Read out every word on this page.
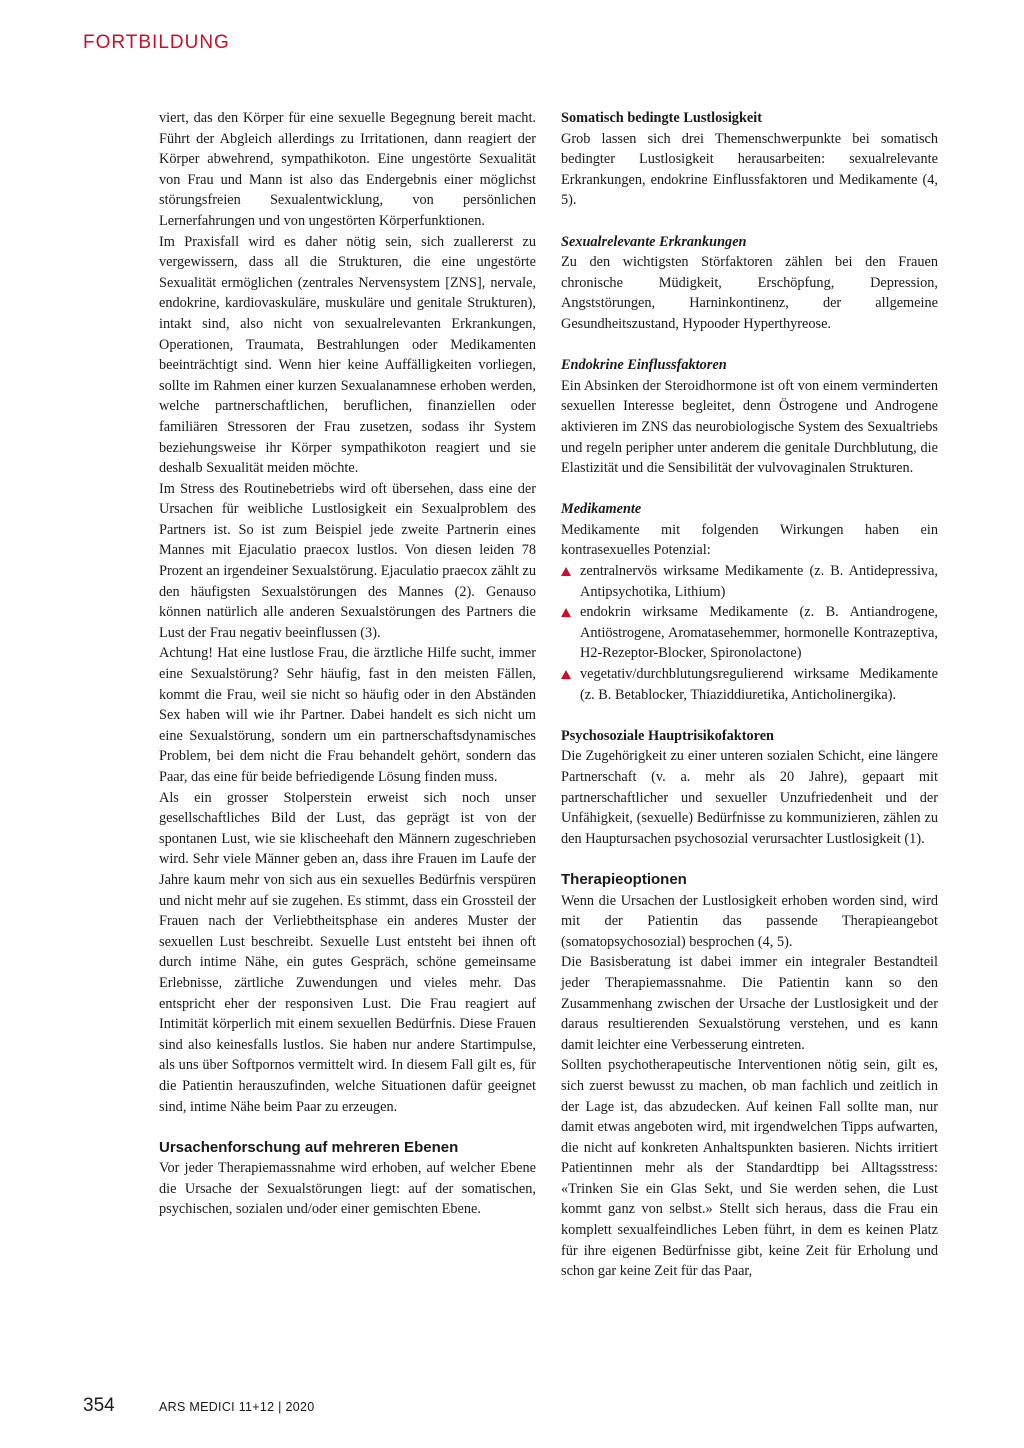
FORTBILDUNG

viert, das den Körper für eine sexuelle Begegnung bereit macht. Führt der Abgleich allerdings zu Irritationen, dann reagiert der Körper abwehrend, sympathikoton. Eine ungestörte Sexualität von Frau und Mann ist also das Endergebnis einer möglichst störungsfreien Sexualentwicklung, von persönlichen Lernerfahrungen und von ungestörten Körperfunktionen.

Im Praxisfall wird es daher nötig sein, sich zuallererst zu vergewissern, dass all die Strukturen, die eine ungestörte Sexualität ermöglichen (zentrales Nervensystem [ZNS], nervale, endokrine, kardiovaskuläre, muskuläre und genitale Strukturen), intakt sind, also nicht von sexualrelevanten Erkrankungen, Operationen, Traumata, Bestrahlungen oder Medikamenten beeinträchtigt sind. Wenn hier keine Auffälligkeiten vorliegen, sollte im Rahmen einer kurzen Sexualanamnese erhoben werden, welche partnerschaftlichen, beruflichen, finanziellen oder familiären Stressoren der Frau zusetzen, sodass ihr System beziehungsweise ihr Körper sympathikoton reagiert und sie deshalb Sexualität meiden möchte.

Im Stress des Routinebetriebs wird oft übersehen, dass eine der Ursachen für weibliche Lustlosigkeit ein Sexualproblem des Partners ist. So ist zum Beispiel jede zweite Partnerin eines Mannes mit Ejaculatio praecox lustlos. Von diesen leiden 78 Prozent an irgendeiner Sexualstörung. Ejaculatio praecox zählt zu den häufigsten Sexualstörungen des Mannes (2). Genauso können natürlich alle anderen Sexualstörungen des Partners die Lust der Frau negativ beeinflussen (3).

Achtung! Hat eine lustlose Frau, die ärztliche Hilfe sucht, immer eine Sexualstörung? Sehr häufig, fast in den meisten Fällen, kommt die Frau, weil sie nicht so häufig oder in den Abständen Sex haben will wie ihr Partner. Dabei handelt es sich nicht um eine Sexualstörung, sondern um ein partnerschaftsdynamisches Problem, bei dem nicht die Frau behandelt gehört, sondern das Paar, das eine für beide befriedigende Lösung finden muss.

Als ein grosser Stolperstein erweist sich noch unser gesellschaftliches Bild der Lust, das geprägt ist von der spontanen Lust, wie sie klischeehaft den Männern zugeschrieben wird. Sehr viele Männer geben an, dass ihre Frauen im Laufe der Jahre kaum mehr von sich aus ein sexuelles Bedürfnis verspüren und nicht mehr auf sie zugehen. Es stimmt, dass ein Grossteil der Frauen nach der Verliebtheitsphase ein anderes Muster der sexuellen Lust beschreibt. Sexuelle Lust entsteht bei ihnen oft durch intime Nähe, ein gutes Gespräch, schöne gemeinsame Erlebnisse, zärtliche Zuwendungen und vieles mehr. Das entspricht eher der responsiven Lust. Die Frau reagiert auf Intimität körperlich mit einem sexuellen Bedürfnis. Diese Frauen sind also keinesfalls lustlos. Sie haben nur andere Startimpulse, als uns über Softpornos vermittelt wird. In diesem Fall gilt es, für die Patientin herauszufinden, welche Situationen dafür geeignet sind, intime Nähe beim Paar zu erzeugen.

Ursachenforschung auf mehreren Ebenen

Vor jeder Therapiemassnahme wird erhoben, auf welcher Ebene die Ursache der Sexualstörungen liegt: auf der somatischen, psychischen, sozialen und/oder einer gemischten Ebene.

Somatisch bedingte Lustlosigkeit

Grob lassen sich drei Themenschwerpunkte bei somatisch bedingter Lustlosigkeit herausarbeiten: sexualrelevante Erkrankungen, endokrine Einflussfaktoren und Medikamente (4, 5).

Sexualrelevante Erkrankungen

Zu den wichtigsten Störfaktoren zählen bei den Frauen chronische Müdigkeit, Erschöpfung, Depression, Angststörungen, Harninkontinenz, der allgemeine Gesundheitszustand, Hypooder Hyperthyreose.

Endokrine Einflussfaktoren

Ein Absinken der Steroidhormone ist oft von einem verminderten sexuellen Interesse begleitet, denn Östrogene und Androgene aktivieren im ZNS das neurobiologische System des Sexualtriebs und regeln peripher unter anderem die genitale Durchblutung, die Elastizität und die Sensibilität der vulvovaginalen Strukturen.

Medikamente

Medikamente mit folgenden Wirkungen haben ein kontrasexuelles Potenzial:

zentralnervös wirksame Medikamente (z. B. Antidepressiva, Antipsychotika, Lithium)
endokrin wirksame Medikamente (z. B. Antiandrogene, Antiöstrogene, Aromatasehemmer, hormonelle Kontrazeptiva, H2-Rezeptor-Blocker, Spironolactone)
vegetativ/durchblutungsregulierend wirksame Medikamente (z. B. Betablocker, Thiaziddiuretika, Anticholinergika).
Psychosoziale Hauptrisikofaktoren

Die Zugehörigkeit zu einer unteren sozialen Schicht, eine längere Partnerschaft (v. a. mehr als 20 Jahre), gepaart mit partnerschaftlicher und sexueller Unzufriedenheit und der Unfähigkeit, (sexuelle) Bedürfnisse zu kommunizieren, zählen zu den Hauptursachen psychosozial verursachter Lustlosigkeit (1).

Therapieoptionen

Wenn die Ursachen der Lustlosigkeit erhoben worden sind, wird mit der Patientin das passende Therapieangebot (somatopsychosozial) besprochen (4, 5).

Die Basisberatung ist dabei immer ein integraler Bestandteil jeder Therapiemassnahme. Die Patientin kann so den Zusammenhang zwischen der Ursache der Lustlosigkeit und der daraus resultierenden Sexualstörung verstehen, und es kann damit leichter eine Verbesserung eintreten.

Sollten psychotherapeutische Interventionen nötig sein, gilt es, sich zuerst bewusst zu machen, ob man fachlich und zeitlich in der Lage ist, das abzudecken. Auf keinen Fall sollte man, nur damit etwas angeboten wird, mit irgendwelchen Tipps aufwarten, die nicht auf konkreten Anhaltspunkten basieren. Nichts irritiert Patientinnen mehr als der Standardtipp bei Alltagsstress: «Trinken Sie ein Glas Sekt, und Sie werden sehen, die Lust kommt ganz von selbst.» Stellt sich heraus, dass die Frau ein komplett sexualfeindliches Leben führt, in dem es keinen Platz für ihre eigenen Bedürfnisse gibt, keine Zeit für Erholung und schon gar keine Zeit für das Paar,

354	ARS MEDICI 11+12 | 2020
